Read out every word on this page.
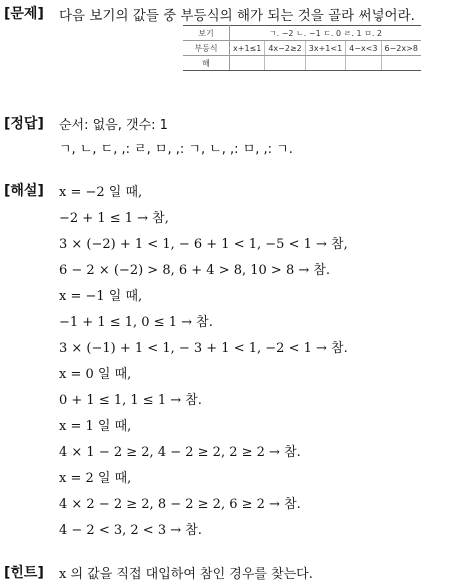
[문제] 다음 보기의 값들 중 부등식의 해가 되는 것을 골라 써넣어라.
보기	ㄱ. −2 ㄴ. −1 ㄷ. 0 ㄹ. 1 ㅁ. 2				
부등식	x+1≤1	4x−2≥2	3x+1<1	4−x<3	6−2x>8
해					
[정답] 순서: 없음, 갯수: 1
ㄱ, ㄴ, ㄷ, ,: ㄹ, ㅁ, ,: ㄱ, ㄴ, ,: ㅁ, ,: ㄱ.
[해설] x = −2 일 때,
−2 + 1 ≤ 1 → 참,
3 × (−2) + 1 < 1, − 6 + 1 < 1, −5 < 1 → 참,
6 − 2 × (−2) > 8, 6 + 4 > 8, 10 > 8 → 참.
x = −1 일 때,
−1 + 1 ≤ 1, 0 ≤ 1 → 참.
3 × (−1) + 1 < 1, − 3 + 1 < 1, −2 < 1 → 참.
x = 0 일 때,
0 + 1 ≤ 1, 1 ≤ 1 → 참.
x = 1 일 때,
4 × 1 − 2 ≥ 2, 4 − 2 ≥ 2, 2 ≥ 2 → 참.
x = 2 일 때,
4 × 2 − 2 ≥ 2, 8 − 2 ≥ 2, 6 ≥ 2 → 참.
4 − 2 < 3, 2 < 3 → 참.
[힌트] x 의 값을 직접 대입하여 참인 경우를 찾는다.
